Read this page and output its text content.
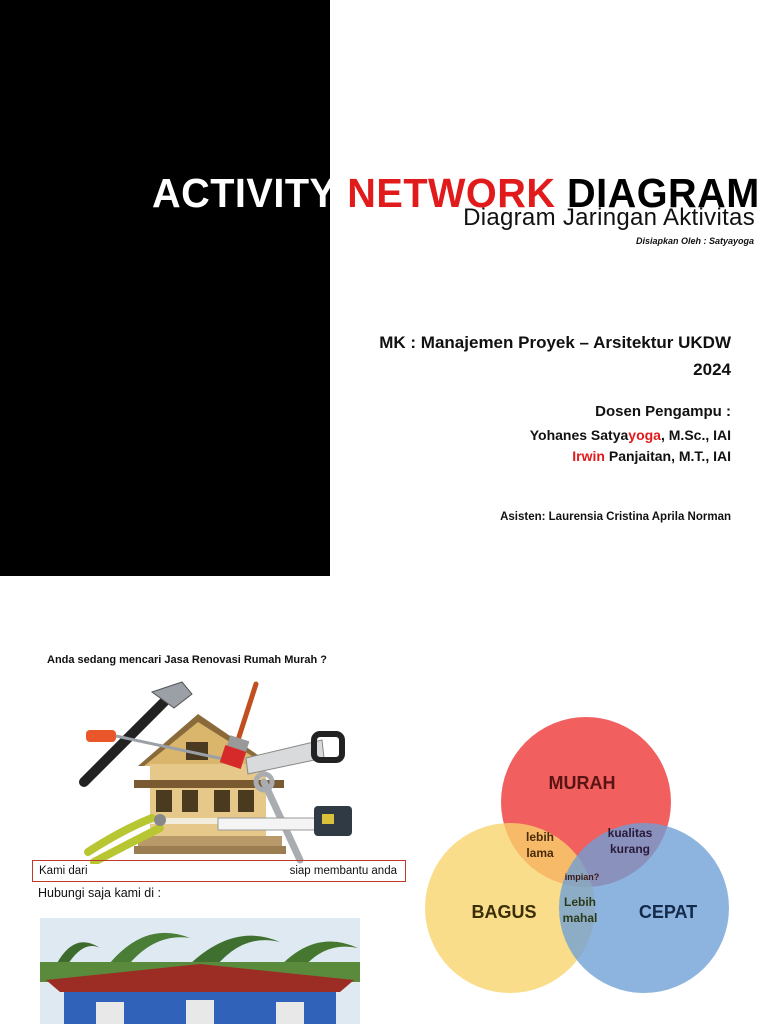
ACTIVITY NETWORK DIAGRAM
Diagram Jaringan Aktivitas
Disiapkan Oleh : Satyayoga
MK : Manajemen Proyek – Arsitektur UKDW
2024
Dosen Pengampu :
Yohanes Satyayoga, M.Sc., IAI
Irwin Panjaitan, M.T., IAI
Asisten: Laurensia Cristina Aprila Norman
Anda sedang mencari Jasa Renovasi Rumah Murah ?
Kami dari	siap membantu anda
Hubungi saja kami di :
MURAH
BAGUS	CEPAT
lebih
lama
kualitas
kurang
impian?
Lebih
mahal
